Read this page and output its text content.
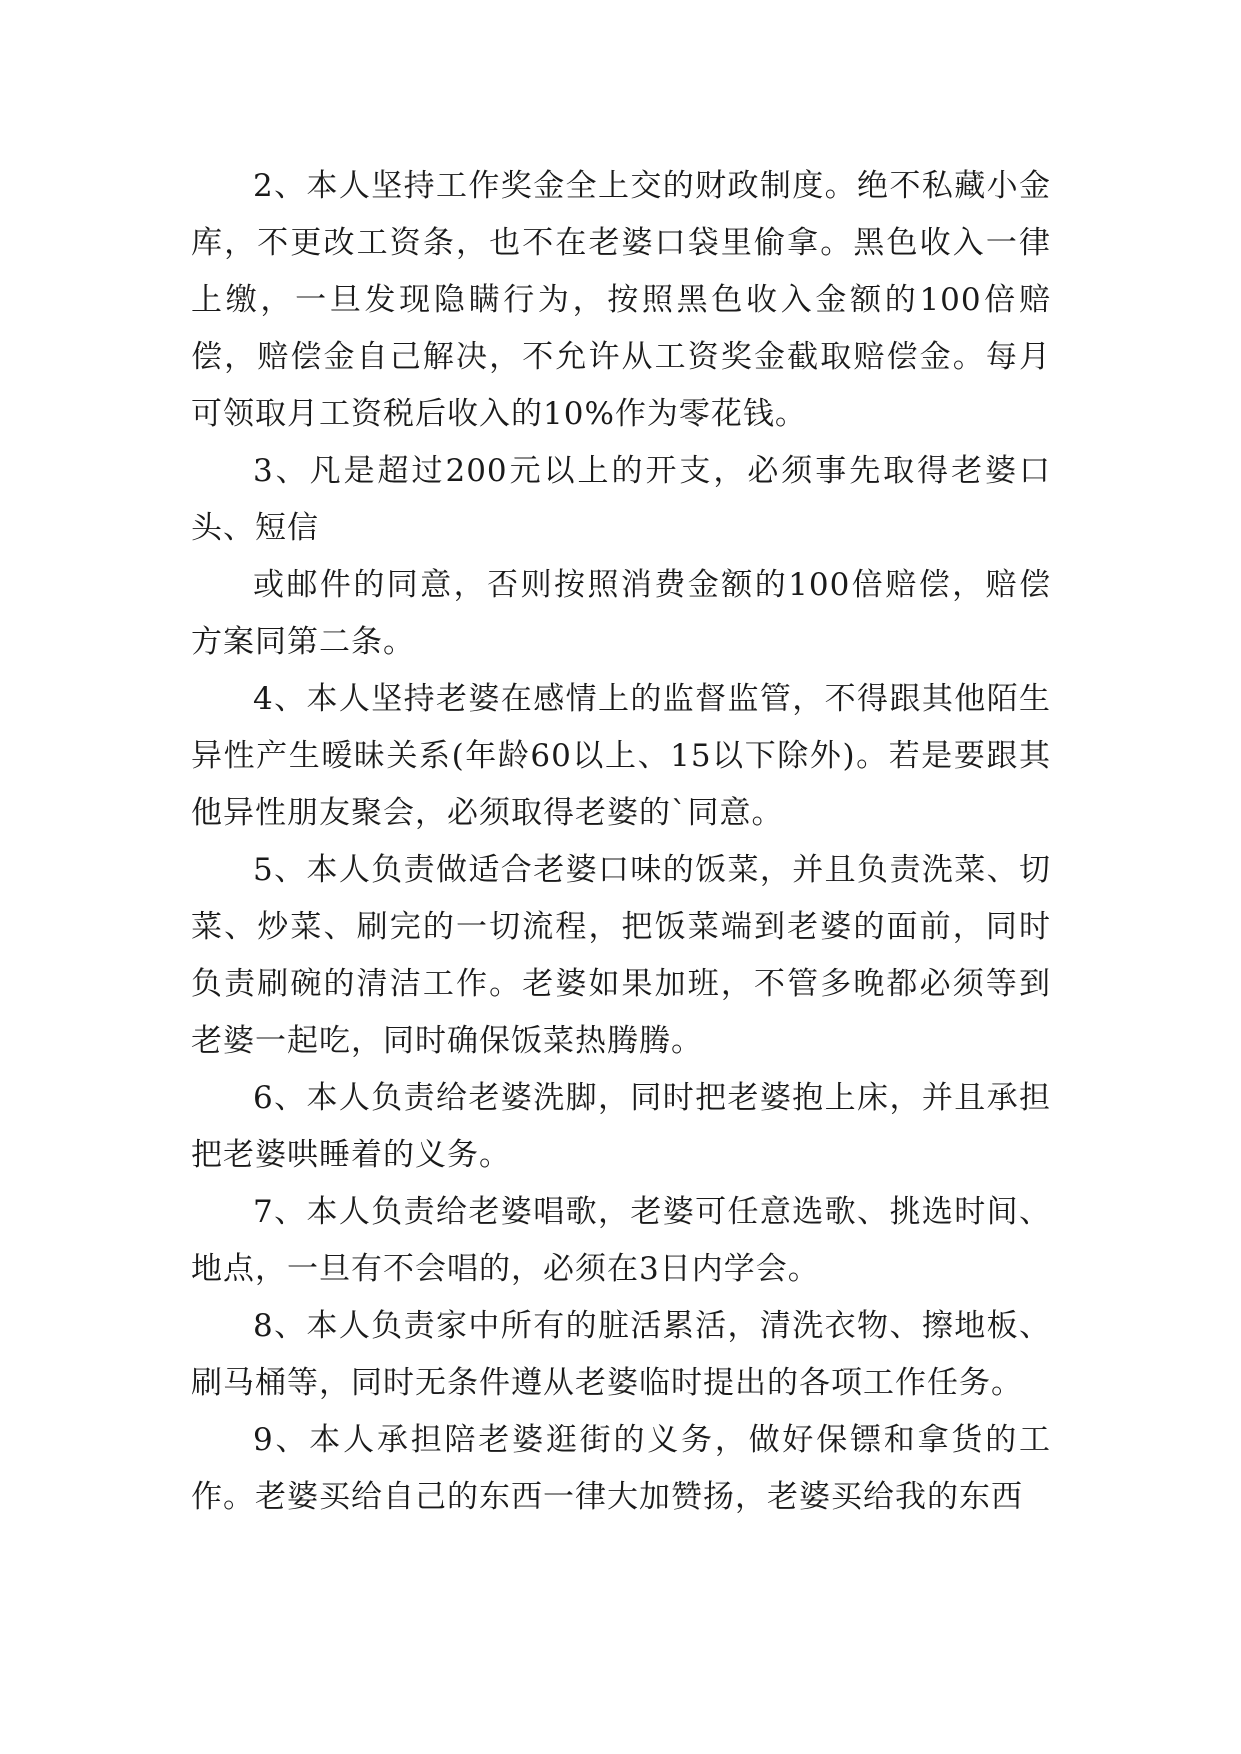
2、本人坚持工作奖金全上交的财政制度。绝不私藏小金库，不更改工资条，也不在老婆口袋里偷拿。黑色收入一律上缴，一旦发现隐瞒行为，按照黑色收入金额的100倍赔偿，赔偿金自己解决，不允许从工资奖金截取赔偿金。每月可领取月工资税后收入的10%作为零花钱。

3、凡是超过200元以上的开支，必须事先取得老婆口头、短信

或邮件的同意，否则按照消费金额的100倍赔偿，赔偿方案同第二条。

4、本人坚持老婆在感情上的监督监管，不得跟其他陌生异性产生暧昧关系(年龄60以上、15以下除外)。若是要跟其他异性朋友聚会，必须取得老婆的`同意。

5、本人负责做适合老婆口味的饭菜，并且负责洗菜、切菜、炒菜、刷完的一切流程，把饭菜端到老婆的面前，同时负责刷碗的清洁工作。老婆如果加班，不管多晚都必须等到老婆一起吃，同时确保饭菜热腾腾。

6、本人负责给老婆洗脚，同时把老婆抱上床，并且承担把老婆哄睡着的义务。

7、本人负责给老婆唱歌，老婆可任意选歌、挑选时间、地点，一旦有不会唱的，必须在3日内学会。

8、本人负责家中所有的脏活累活，清洗衣物、擦地板、刷马桶等，同时无条件遵从老婆临时提出的各项工作任务。

9、本人承担陪老婆逛街的义务，做好保镖和拿货的工作。老婆买给自己的东西一律大加赞扬，老婆买给我的东西
